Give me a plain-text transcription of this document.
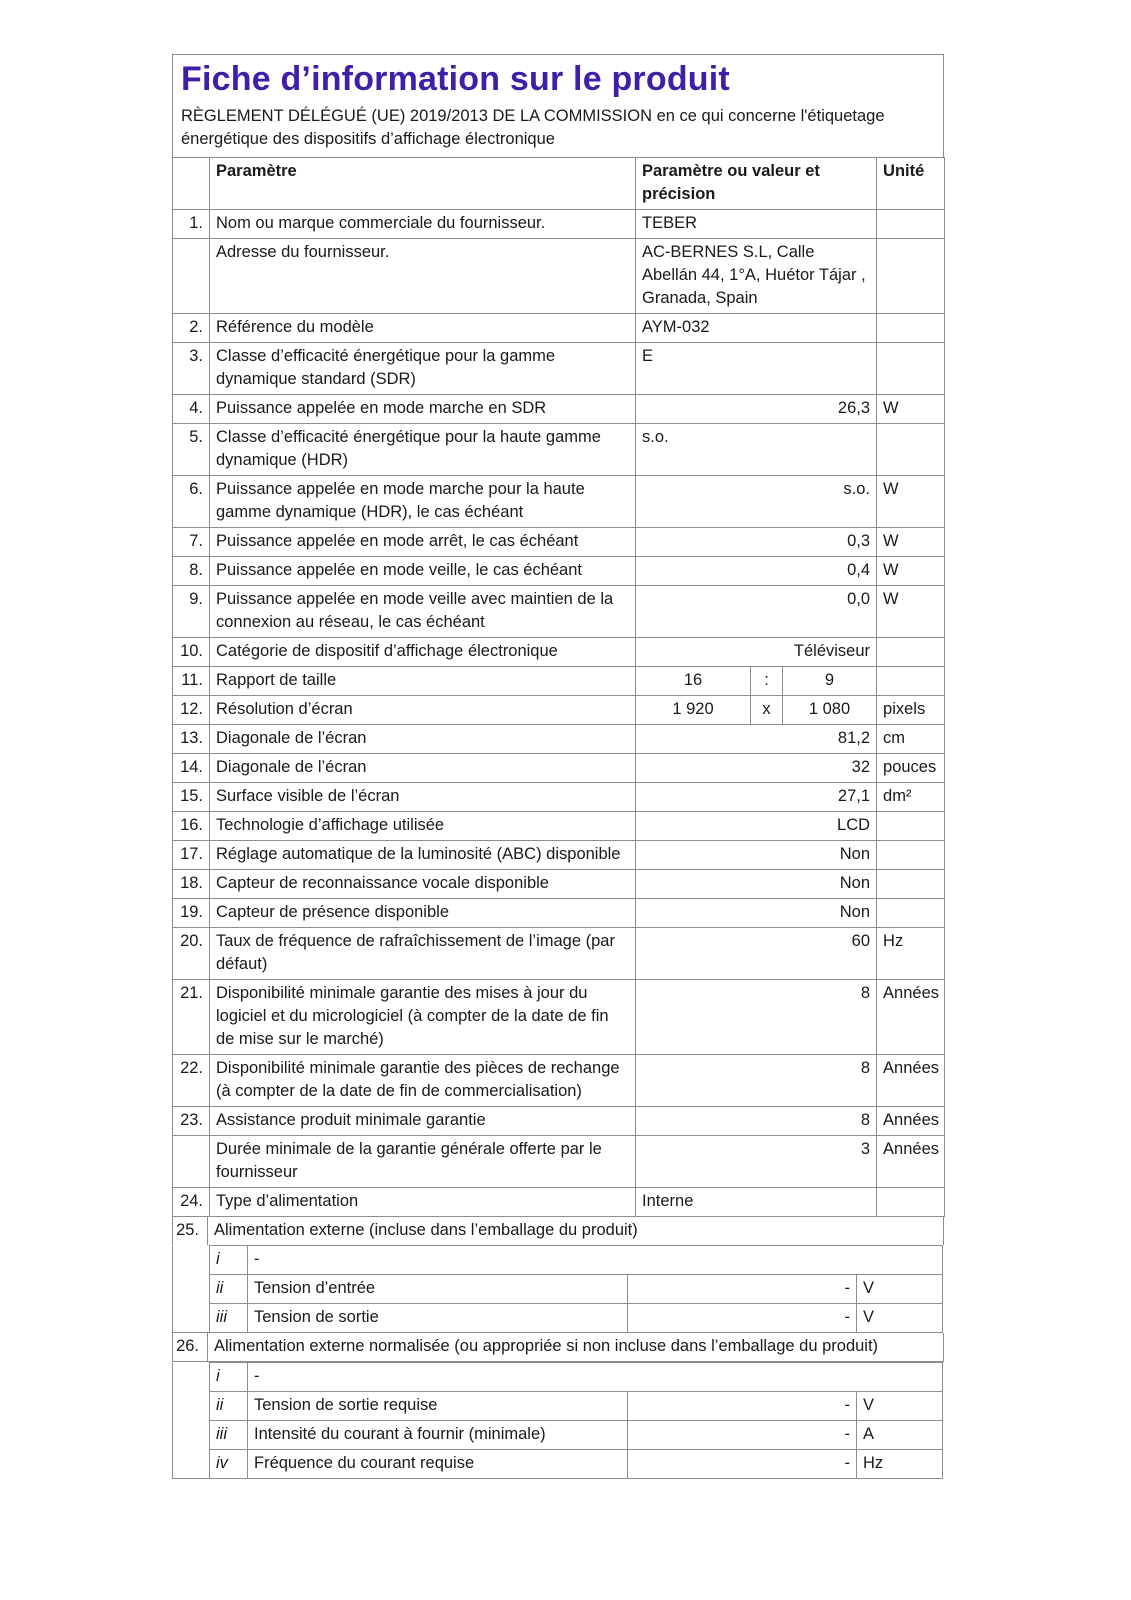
Fiche d’information sur le produit
RÈGLEMENT DÉLÉGUÉ (UE) 2019/2013 DE LA COMMISSION en ce qui concerne l'étiquetage énergétique des dispositifs d’affichage électronique
	Paramètre	Paramètre ou valeur et précision			Unité
1.	Nom ou marque commerciale du fournisseur.	TEBER			
	Adresse du fournisseur.	AC-BERNES S.L, Calle Abellán 44, 1°A, Huétor Tájar , Granada, Spain			
2.	Référence du modèle	AYM-032			
3.	Classe d’efficacité énergétique pour la gamme dynamique standard (SDR)	E			
4.	Puissance appelée en mode marche en SDR	26,3			W
5.	Classe d’efficacité énergétique pour la haute gamme dynamique (HDR)	s.o.			
6.	Puissance appelée en mode marche pour la haute gamme dynamique (HDR), le cas échéant	s.o.			W
7.	Puissance appelée en mode arrêt, le cas échéant	0,3			W
8.	Puissance appelée en mode veille, le cas échéant	0,4			W
9.	Puissance appelée en mode veille avec maintien de la connexion au réseau, le cas échéant	0,0			W
10.	Catégorie de dispositif d’affichage électronique	Téléviseur			
11.	Rapport de taille	16	:	9	
12.	Résolution d’écran	1 920	x	1 080	pixels
13.	Diagonale de l’écran	81,2			cm
14.	Diagonale de l’écran	32			pouces
15.	Surface visible de l’écran	27,1			dm²
16.	Technologie d’affichage utilisée	LCD			
17.	Réglage automatique de la luminosité (ABC) disponible	Non			
18.	Capteur de reconnaissance vocale disponible	Non			
19.	Capteur de présence disponible	Non			
20.	Taux de fréquence de rafraîchissement de l’image (par défaut)	60			Hz
21.	Disponibilité minimale garantie des mises à jour du logiciel et du micrologiciel (à compter de la date de fin de mise sur le marché)	8			Années
22.	Disponibilité minimale garantie des pièces de rechange (à compter de la date de fin de commercialisation)	8			Années
23.	Assistance produit minimale garantie	8			Années
	Durée minimale de la garantie générale offerte par le fournisseur	3			Années
24.	Type d’alimentation	Interne			
25. Alimentation externe (incluse dans l’emballage du produit)
	i	-		
	ii	Tension d’entrée	-	V
	iii	Tension de sortie	-	V
26. Alimentation externe normalisée (ou appropriée si non incluse dans l’emballage du produit)
	i	-		
	ii	Tension de sortie requise	-	V
	iii	Intensité du courant à fournir (minimale)	-	A
	iv	Fréquence du courant requise	-	Hz
